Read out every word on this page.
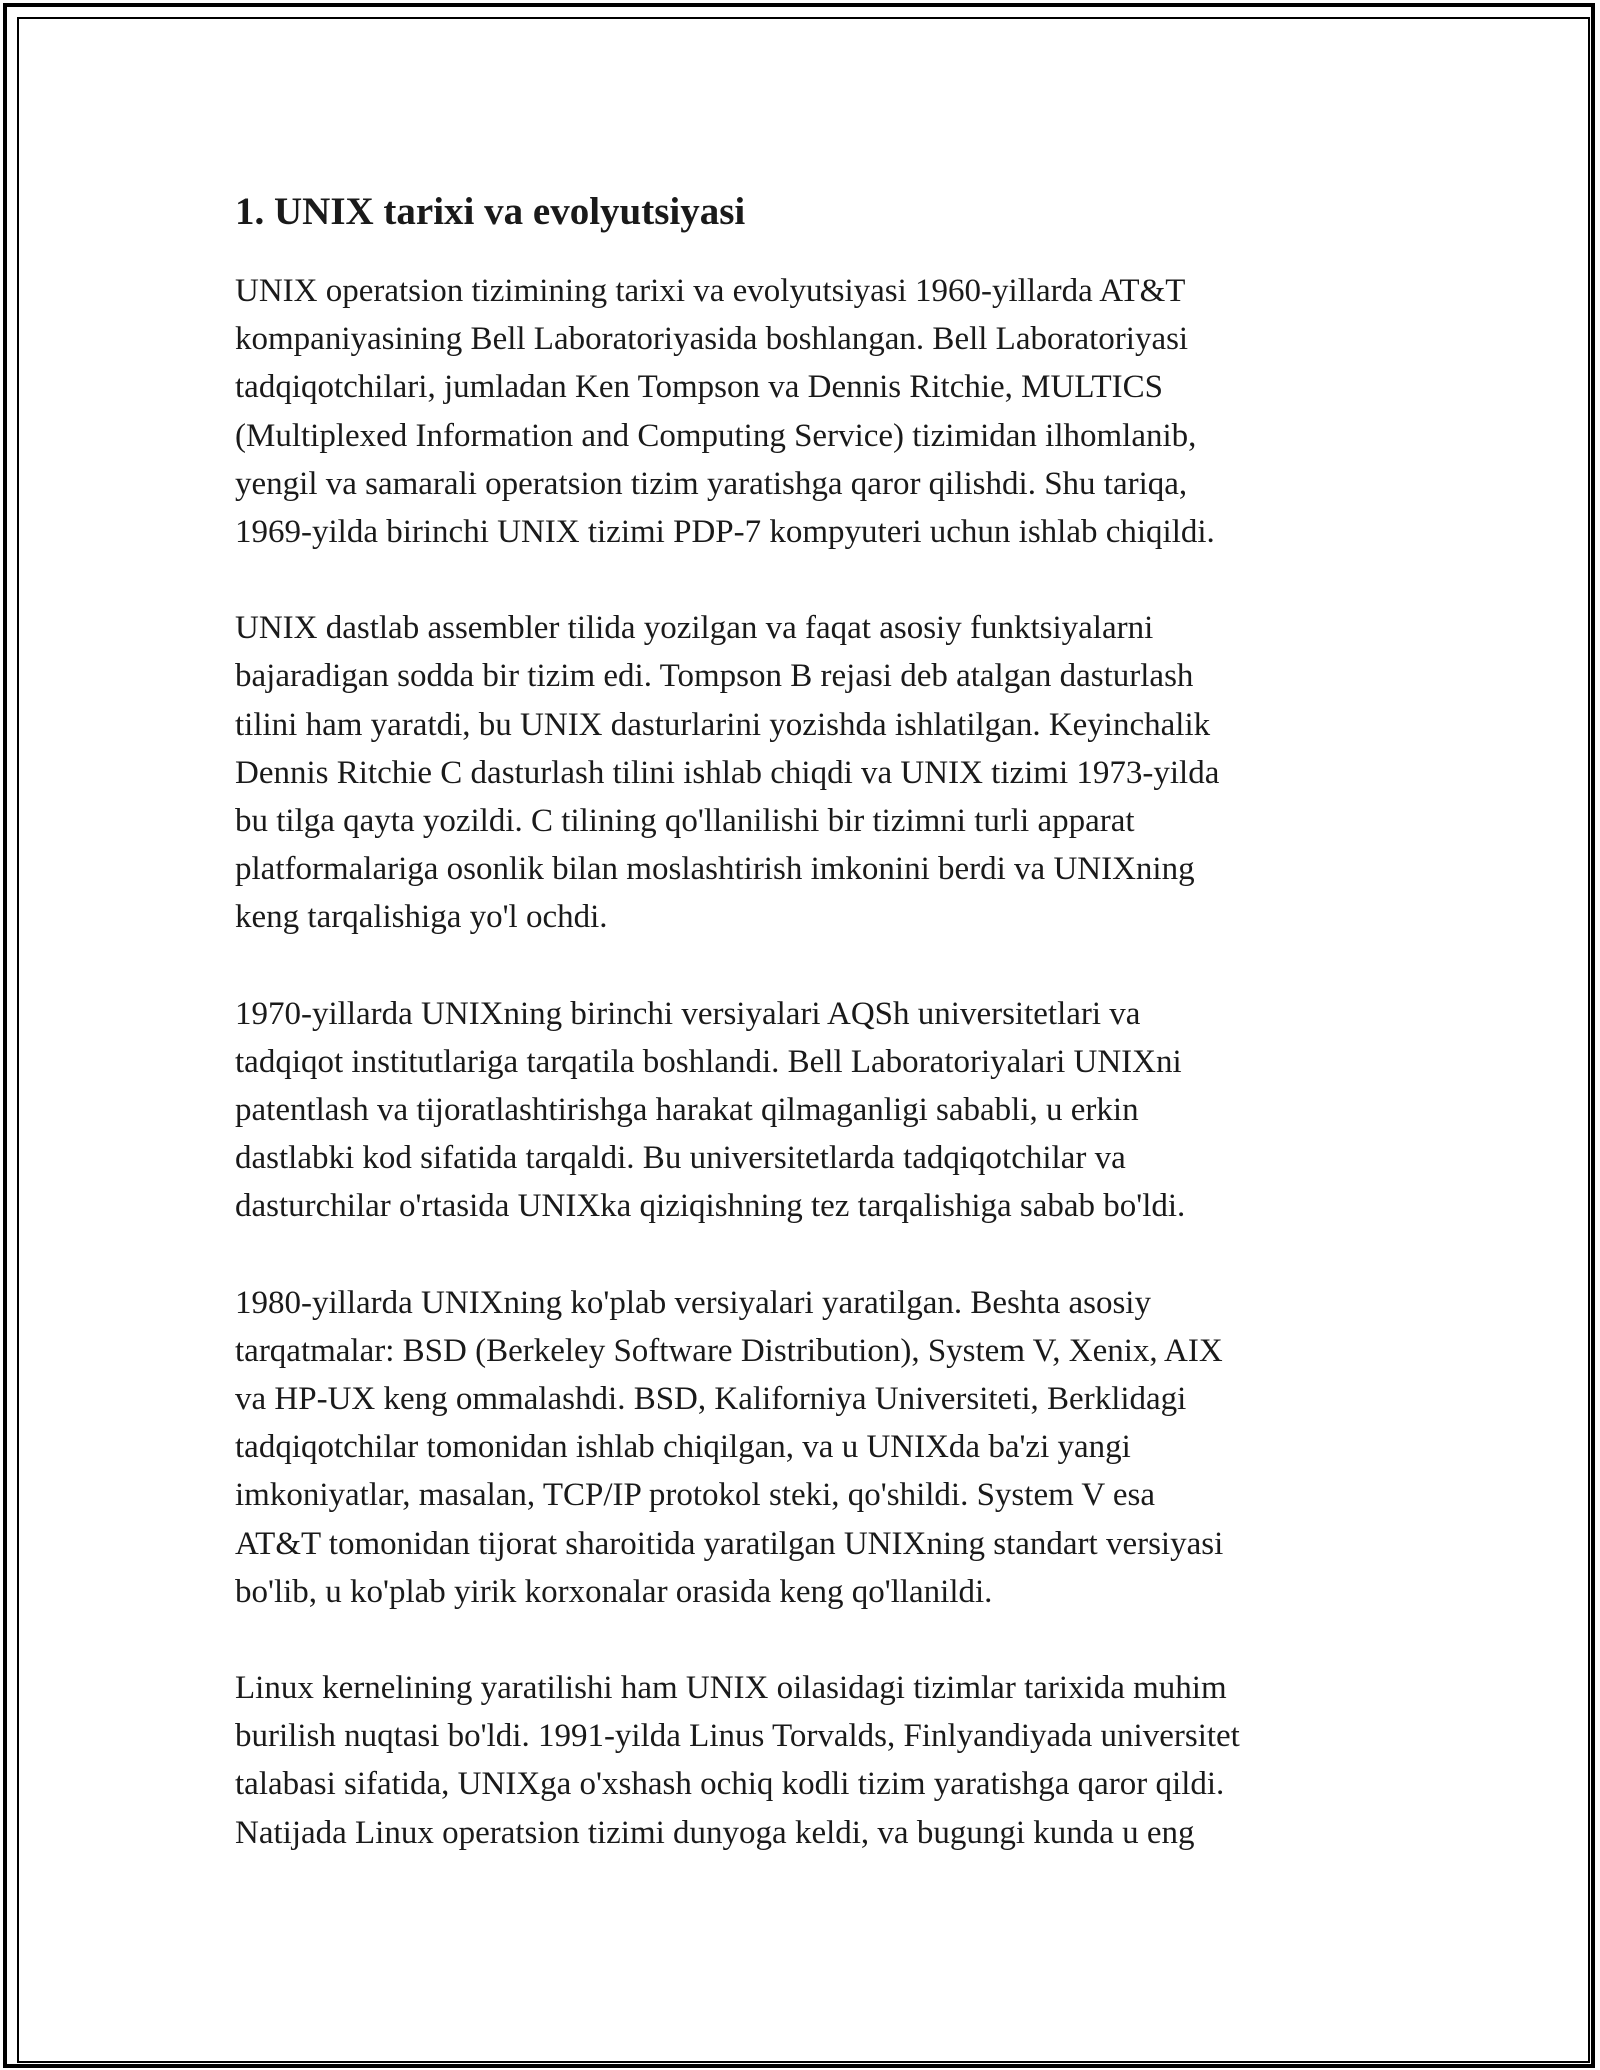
1. UNIX tarixi va evolyutsiyasi

UNIX operatsion tizimining tarixi va evolyutsiyasi 1960-yillarda AT&T
kompaniyasining Bell Laboratoriyasida boshlangan. Bell Laboratoriyasi
tadqiqotchilari, jumladan Ken Tompson va Dennis Ritchie, MULTICS
(Multiplexed Information and Computing Service) tizimidan ilhomlanib,
yengil va samarali operatsion tizim yaratishga qaror qilishdi. Shu tariqa,
1969-yilda birinchi UNIX tizimi PDP-7 kompyuteri uchun ishlab chiqildi.

UNIX dastlab assembler tilida yozilgan va faqat asosiy funktsiyalarni
bajaradigan sodda bir tizim edi. Tompson B rejasi deb atalgan dasturlash
tilini ham yaratdi, bu UNIX dasturlarini yozishda ishlatilgan. Keyinchalik
Dennis Ritchie C dasturlash tilini ishlab chiqdi va UNIX tizimi 1973-yilda
bu tilga qayta yozildi. C tilining qo'llanilishi bir tizimni turli apparat
platformalariga osonlik bilan moslashtirish imkonini berdi va UNIXning
keng tarqalishiga yo'l ochdi.

1970-yillarda UNIXning birinchi versiyalari AQSh universitetlari va
tadqiqot institutlariga tarqatila boshlandi. Bell Laboratoriyalari UNIXni
patentlash va tijoratlashtirishga harakat qilmaganligi sababli, u erkin
dastlabki kod sifatida tarqaldi. Bu universitetlarda tadqiqotchilar va
dasturchilar o'rtasida UNIXka qiziqishning tez tarqalishiga sabab bo'ldi.

1980-yillarda UNIXning ko'plab versiyalari yaratilgan. Beshta asosiy
tarqatmalar: BSD (Berkeley Software Distribution), System V, Xenix, AIX
va HP-UX keng ommalashdi. BSD, Kaliforniya Universiteti, Berklidagi
tadqiqotchilar tomonidan ishlab chiqilgan, va u UNIXda ba'zi yangi
imkoniyatlar, masalan, TCP/IP protokol steki, qo'shildi. System V esa
AT&T tomonidan tijorat sharoitida yaratilgan UNIXning standart versiyasi
bo'lib, u ko'plab yirik korxonalar orasida keng qo'llanildi.

Linux kernelining yaratilishi ham UNIX oilasidagi tizimlar tarixida muhim
burilish nuqtasi bo'ldi. 1991-yilda Linus Torvalds, Finlyandiyada universitet
talabasi sifatida, UNIXga o'xshash ochiq kodli tizim yaratishga qaror qildi.
Natijada Linux operatsion tizimi dunyoga keldi, va bugungi kunda u eng
